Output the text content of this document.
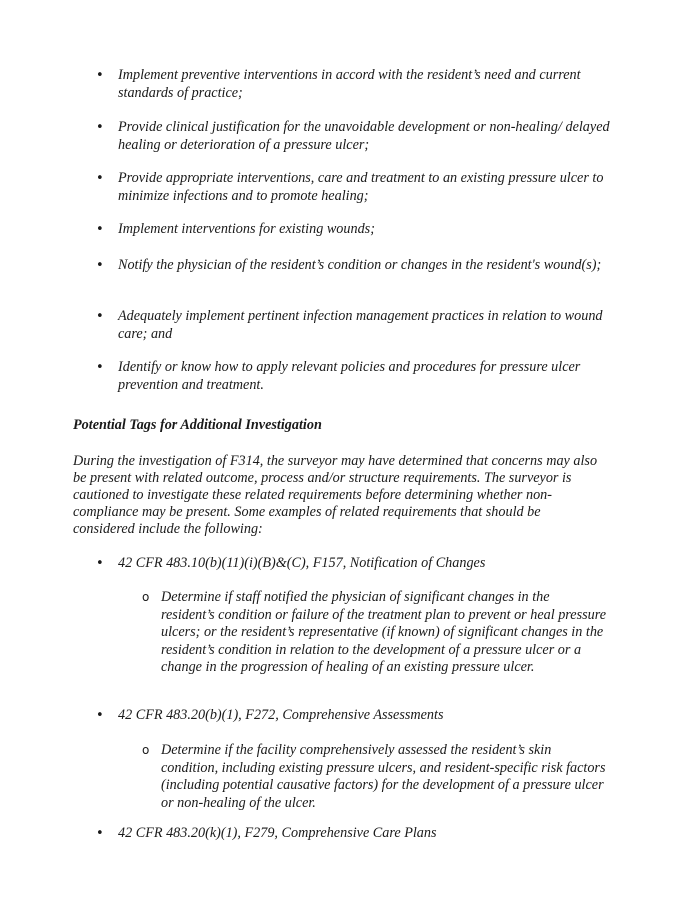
• Implement preventive interventions in accord with the resident’s need and current standards of practice;
• Provide clinical justification for the unavoidable development or non-healing/ delayed healing or deterioration of a pressure ulcer;
• Provide appropriate interventions, care and treatment to an existing pressure ulcer to minimize infections and to promote healing;
• Implement interventions for existing wounds;
• Notify the physician of the resident’s condition or changes in the resident's wound(s);
• Adequately implement pertinent infection management practices in relation to wound care; and
• Identify or know how to apply relevant policies and procedures for pressure ulcer prevention and treatment.
Potential Tags for Additional Investigation
During the investigation of F314, the surveyor may have determined that concerns may also be present with related outcome, process and/or structure requirements. The surveyor is cautioned to investigate these related requirements before determining whether non-compliance may be present. Some examples of related requirements that should be considered include the following:
• 42 CFR 483.10(b)(11)(i)(B)&(C), F157, Notification of Changes
o Determine if staff notified the physician of significant changes in the resident’s condition or failure of the treatment plan to prevent or heal pressure ulcers; or the resident’s representative (if known) of significant changes in the resident’s condition in relation to the development of a pressure ulcer or a change in the progression of healing of an existing pressure ulcer.
• 42 CFR 483.20(b)(1), F272, Comprehensive Assessments
o Determine if the facility comprehensively assessed the resident’s skin condition, including existing pressure ulcers, and resident-specific risk factors (including potential causative factors) for the development of a pressure ulcer or non-healing of the ulcer.
• 42 CFR 483.20(k)(1), F279, Comprehensive Care Plans
